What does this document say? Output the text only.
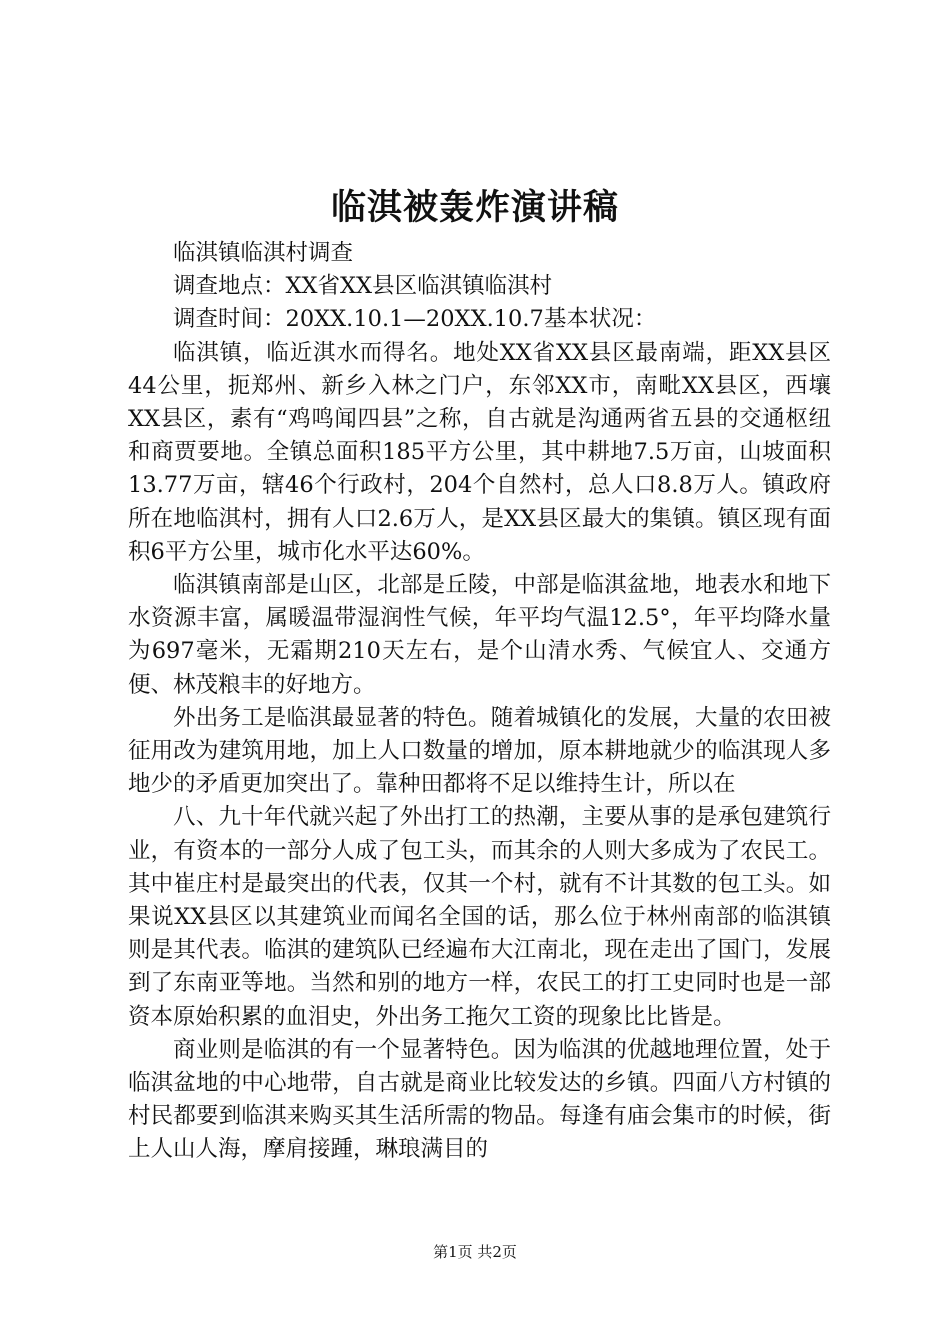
临淇被轰炸演讲稿

临淇镇临淇村调查

调查地点：XX省XX县区临淇镇临淇村

调查时间：20XX.10.1—20XX.10.7基本状况：

临淇镇，临近淇水而得名。地处XX省XX县区最南端，距XX县区44公里，扼郑州、新乡入林之门户，东邻XX市，南毗XX县区，西壤XX县区，素有“鸡鸣闻四县”之称，自古就是沟通两省五县的交通枢纽和商贾要地。全镇总面积185平方公里，其中耕地7.5万亩，山坡面积13.77万亩，辖46个行政村，204个自然村，总人口8.8万人。镇政府所在地临淇村，拥有人口2.6万人，是XX县区最大的集镇。镇区现有面积6平方公里，城市化水平达60%。

临淇镇南部是山区，北部是丘陵，中部是临淇盆地，地表水和地下水资源丰富，属暖温带湿润性气候，年平均气温12.5°，年平均降水量为697毫米，无霜期210天左右，是个山清水秀、气候宜人、交通方便、林茂粮丰的好地方。

外出务工是临淇最显著的特色。随着城镇化的发展，大量的农田被征用改为建筑用地，加上人口数量的增加，原本耕地就少的临淇现人多地少的矛盾更加突出了。靠种田都将不足以维持生计，所以在

八、九十年代就兴起了外出打工的热潮，主要从事的是承包建筑行业，有资本的一部分人成了包工头，而其余的人则大多成为了农民工。其中崔庄村是最突出的代表，仅其一个村，就有不计其数的包工头。如果说XX县区以其建筑业而闻名全国的话，那么位于林州南部的临淇镇则是其代表。临淇的建筑队已经遍布大江南北，现在走出了国门，发展到了东南亚等地。当然和别的地方一样，农民工的打工史同时也是一部资本原始积累的血泪史，外出务工拖欠工资的现象比比皆是。

商业则是临淇的有一个显著特色。因为临淇的优越地理位置，处于临淇盆地的中心地带，自古就是商业比较发达的乡镇。四面八方村镇的村民都要到临淇来购买其生活所需的物品。每逢有庙会集市的时候，街上人山人海，摩肩接踵，琳琅满目的

第1页 共2页
